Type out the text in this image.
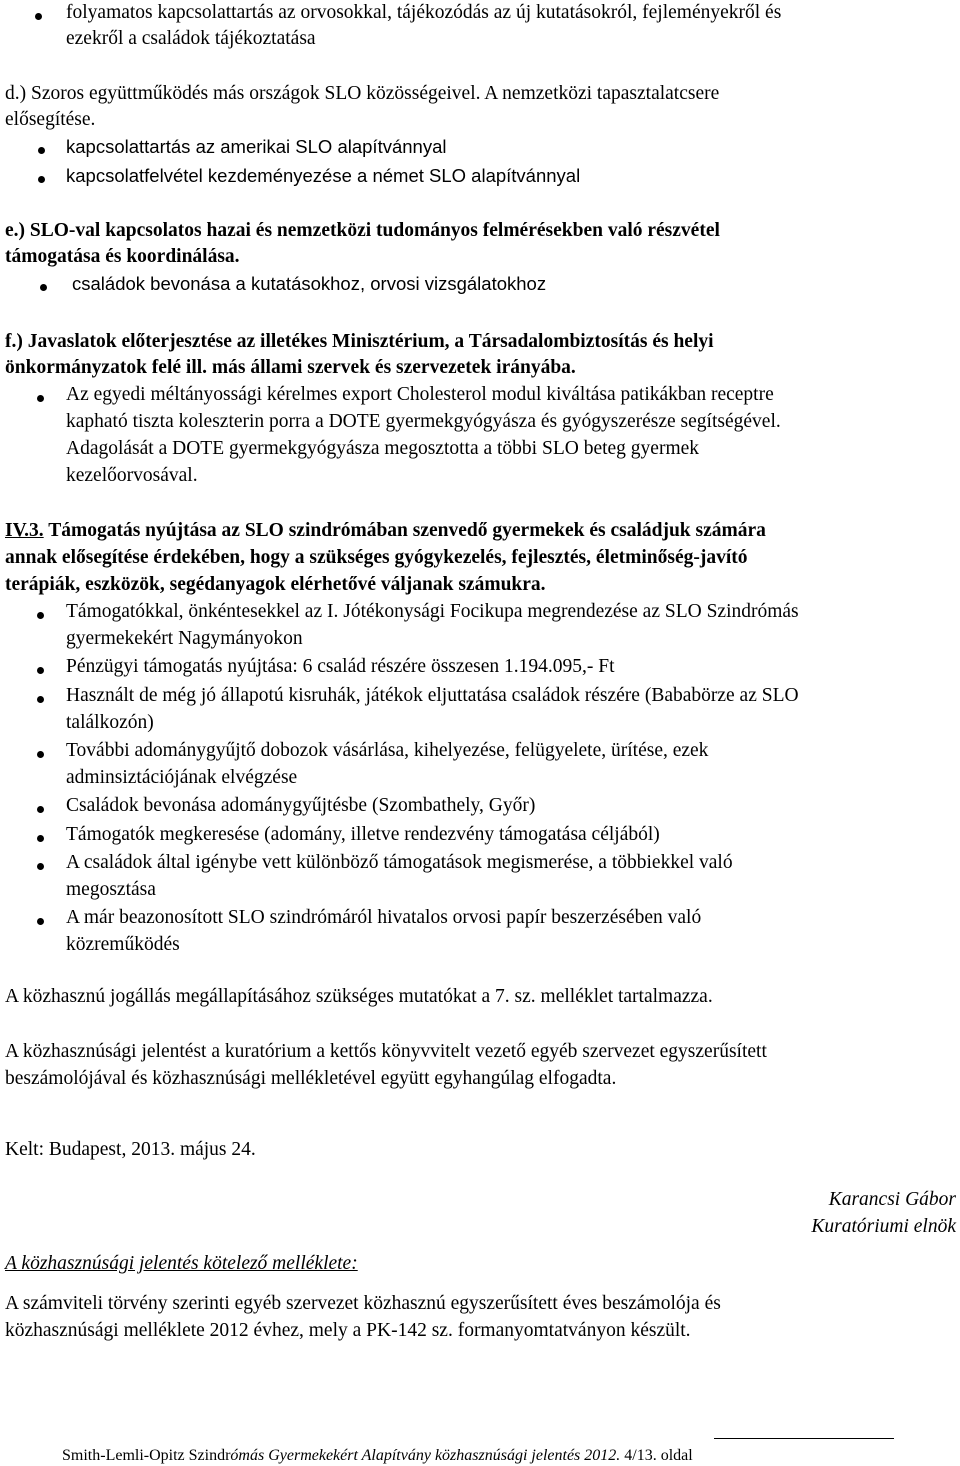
folyamatos kapcsolattartás az orvosokkal, tájékozódás az új kutatásokról, fejleményekről és
ezekről a családok tájékoztatása
d.) Szoros együttműködés más országok SLO közösségeivel. A nemzetközi tapasztalatcsere
elősegítése.
kapcsolattartás az amerikai SLO alapítvánnyal
kapcsolatfelvétel kezdeményezése a német SLO alapítvánnyal
e.) SLO-val kapcsolatos hazai és nemzetközi tudományos felmérésekben való részvétel
támogatása és koordinálása.
családok bevonása a kutatásokhoz, orvosi vizsgálatokhoz
f.) Javaslatok előterjesztése az illetékes Minisztérium, a Társadalombiztosítás és helyi
önkormányzatok felé ill. más állami szervek és szervezetek irányába.
Az egyedi méltányossági kérelmes export Cholesterol modul kiváltása patikákban receptre
kapható tiszta koleszterin porra a DOTE gyermekgyógyásza és gyógyszerésze segítségével.
Adagolását a DOTE gyermekgyógyásza megosztotta a többi SLO beteg gyermek
kezelőorvosával.
IV.3. Támogatás nyújtása az SLO szindrómában szenvedő gyermekek és családjuk számára
annak elősegítése érdekében, hogy a szükséges gyógykezelés, fejlesztés, életminőség-javító
terápiák, eszközök, segédanyagok elérhetővé váljanak számukra.
Támogatókkal, önkéntesekkel az I. Jótékonysági Focikupa megrendezése az SLO Szindrómás
gyermekekért Nagymányokon
Pénzügyi támogatás nyújtása: 6 család részére összesen 1.194.095,- Ft
Használt de még jó állapotú kisruhák, játékok eljuttatása családok részére (Bababörze az SLO
találkozón)
További adománygyűjtő dobozok vásárlása, kihelyezése, felügyelete, ürítése, ezek
adminsiztációjának elvégzése
Családok bevonása adománygyűjtésbe (Szombathely, Győr)
Támogatók megkeresése (adomány, illetve rendezvény támogatása céljából)
A családok által igénybe vett különböző támogatások megismerése, a többiekkel való
megosztása
A már beazonosított SLO szindrómáról hivatalos orvosi papír beszerzésében való
közreműködés
A közhasznú jogállás megállapításához szükséges mutatókat a 7. sz. melléklet tartalmazza.
A közhasznúsági jelentést a kuratórium a kettős könyvvitelt vezető egyéb szervezet egyszerűsített
beszámolójával és közhasznúsági mellékletével együtt egyhangúlag elfogadta.
Kelt: Budapest, 2013. május 24.
Karancsi Gábor
Kuratóriumi elnök
A közhasznúsági jelentés kötelező melléklete:
A számviteli törvény szerinti egyéb szervezet közhasznú egyszerűsített éves beszámolója és
közhasznúsági melléklete 2012 évhez, mely a PK-142 sz. formanyomtatványon készült.
Smith-Lemli-Opitz Szindrómás Gyermekekért Alapítvány közhasznúsági jelentés 2012. 4/13. oldal
